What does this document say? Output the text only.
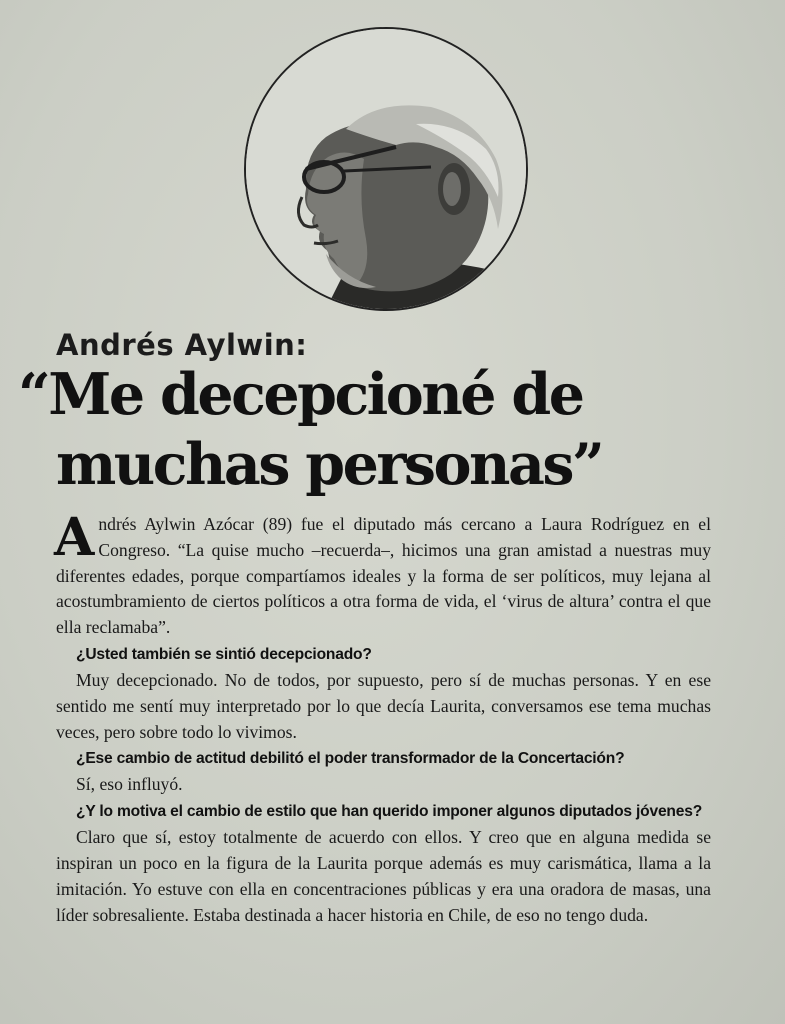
Andrés Aylwin:
“Me decepcioné de
muchas personas”

Andrés Aylwin Azócar (89) fue el diputado más cercano a Laura Rodríguez en el Congreso. “La quise mucho –recuerda–, hicimos una gran amistad a nuestras muy diferentes edades, porque compartíamos ideales y la forma de ser políticos, muy lejana al acostumbramiento de ciertos políticos a otra forma de vida, el ‘virus de altura’ contra el que ella reclamaba”.

¿Usted también se sintió decepcionado?

Muy decepcionado. No de todos, por supuesto, pero sí de muchas personas. Y en ese sentido me sentí muy interpretado por lo que decía Laurita, conversamos ese tema muchas veces, pero sobre todo lo vivimos.

¿Ese cambio de actitud debilitó el poder transformador de la Concertación?

Sí, eso influyó.

¿Y lo motiva el cambio de estilo que han querido imponer algunos diputados jóvenes?

Claro que sí, estoy totalmente de acuerdo con ellos. Y creo que en alguna medida se inspiran un poco en la figura de la Laurita porque además es muy carismática, llama a la imitación. Yo estuve con ella en concentraciones públicas y era una oradora de masas, una líder sobresaliente. Estaba destinada a hacer historia en Chile, de eso no tengo duda.
